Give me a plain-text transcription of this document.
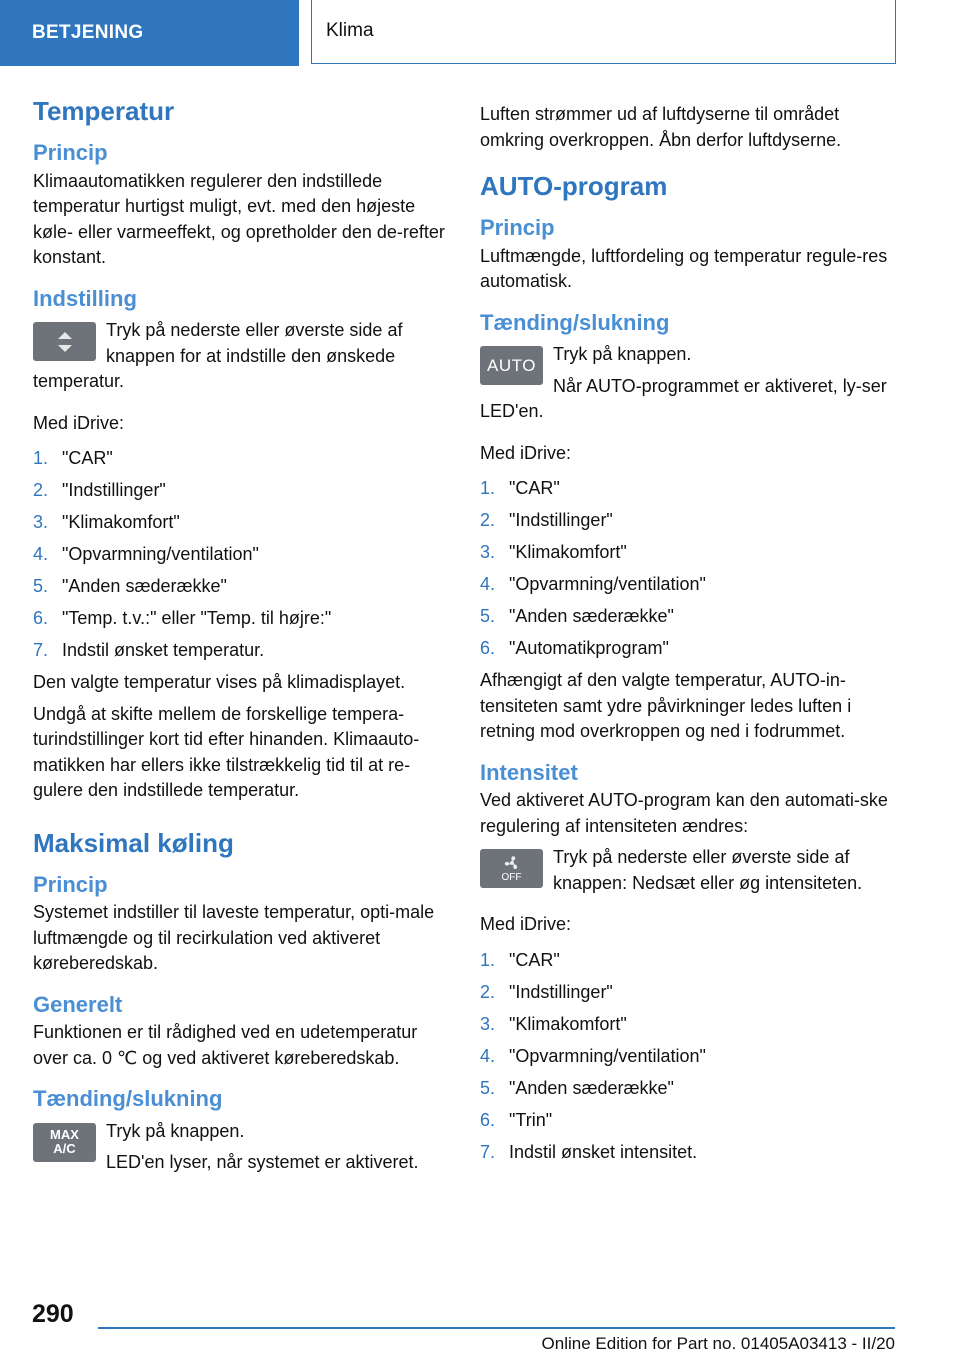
BETJENING	Klima
Temperatur
Princip

Klimaautomatikken regulerer den indstillede temperatur hurtigst muligt, evt. med den højeste køle- eller varmeeffekt, og opretholder den de-refter konstant.

Indstilling

Tryk på nederste eller øverste side af knappen for at indstille den ønskede temperatur.

Med iDrive:

1. "CAR"
2. "Indstillinger"
3. "Klimakomfort"
4. "Opvarmning/ventilation"
5. "Anden sæderække"
6. "Temp. t.v.:" eller "Temp. til højre:"
7. Indstil ønsket temperatur.

Den valgte temperatur vises på klimadisplayet.

Undgå at skifte mellem de forskellige tempera-turindstillinger kort tid efter hinanden. Klimaauto-matikken har ellers ikke tilstrækkelig tid til at re-gulere den indstillede temperatur.

Maksimal køling
Princip

Systemet indstiller til laveste temperatur, opti-male luftmængde og til recirkulation ved aktiveret køreberedskab.

Generelt

Funktionen er til rådighed ved en udetemperatur over ca. 0 ℃ og ved aktiveret køreberedskab.

Tænding/slukning
MAX
A/C

Tryk på knappen.

LED'en lyser, når systemet er aktiveret.

Luften strømmer ud af luftdyserne til området omkring overkroppen. Åbn derfor luftdyserne.

AUTO-program
Princip

Luftmængde, luftfordeling og temperatur regule-res automatisk.

Tænding/slukning
AUTO

Tryk på knappen.

Når AUTO-programmet er aktiveret, ly-ser LED'en.

Med iDrive:

1. "CAR"
2. "Indstillinger"
3. "Klimakomfort"
4. "Opvarmning/ventilation"
5. "Anden sæderække"
6. "Automatikprogram"

Afhængigt af den valgte temperatur, AUTO-in-tensiteten samt ydre påvirkninger ledes luften i retning mod overkroppen og ned i fodrummet.

Intensitet

Ved aktiveret AUTO-program kan den automati-ske regulering af intensiteten ændres:

OFF

Tryk på nederste eller øverste side af knappen: Nedsæt eller øg intensiteten.

Med iDrive:

1. "CAR"
2. "Indstillinger"
3. "Klimakomfort"
4. "Opvarmning/ventilation"
5. "Anden sæderække"
6. "Trin"
7. Indstil ønsket intensitet.
290
Online Edition for Part no. 01405A03413 - II/20
